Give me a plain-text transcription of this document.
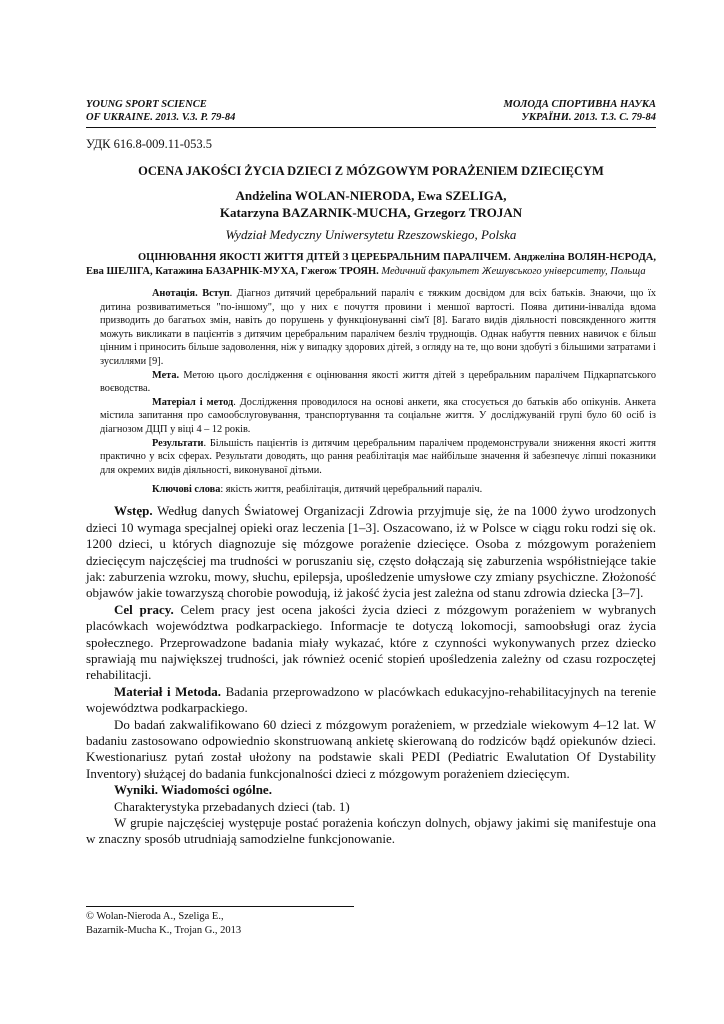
YOUNG SPORT SCIENCE
OF UKRAINE. 2013. V.3. P. 79-84
МОЛОДА СПОРТИВНА НАУКА
УКРАЇНИ. 2013. Т.3. С. 79-84
УДК 616.8-009.11-053.5
OCENA JAKOŚCI ŻYCIA DZIECI Z MÓZGOWYM PORAŻENIEM DZIECIĘCYM
Andżelina WOLAN-NIERODA, Ewa SZELIGA,
Katarzyna BAZARNIK-MUCHA, Grzegorz TROJAN
Wydział Medyczny Uniwersytetu Rzeszowskiego, Polska
ОЦІНЮВАННЯ ЯКОСТІ ЖИТТЯ ДІТЕЙ З ЦЕРЕБРАЛЬНИМ ПАРАЛІЧЕМ. Анджеліна ВОЛЯН-НЄРОДА, Ева ШЕЛІГА, Катажина БАЗАРНІК-МУХА, Гжегож ТРОЯН. Медичний факультет Жешувського університету, Польща

Анотація. Вступ. Діагноз дитячий церебральний параліч є тяжким досвідом для всіх батьків. Знаючи, що їх дитина розвиватиметься "по-іншому", що у них є почуття провини і меншої вартості. Поява дитини-інваліда вдома призводить до багатьох змін, навіть до порушень у функціонуванні сім'ї [8]. Багато видів діяльності повсякденного життя можуть викликати в пацієнтів з дитячим церебральним паралічем безліч труднощів. Однак набуття певних навичок є більш цінним і приносить більше задоволення, ніж у випадку здорових дітей, з огляду на те, що вони здобуті з більшими затратами і зусиллями [9].

Мета. Метою цього дослідження є оцінювання якості життя дітей з церебральним паралічем Підкарпатського воєводства.

Матеріал і метод. Дослідження проводилося на основі анкети, яка стосується до батьків або опікунів. Анкета містила запитання про самообслуговування, транспортування та соціальне життя. У досліджуваній групі було 60 осіб із діагнозом ДЦП у віці 4 – 12 років.

Результати. Більшість пацієнтів із дитячим церебральним паралічем продемонстрували зниження якості життя практично у всіх сферах. Результати доводять, що рання реабілітація має найбільше значення й забезпечує ліпші показники для окремих видів діяльності, виконуваної дітьми.

Ключові слова: якість життя, реабілітація, дитячий церебральний параліч.

Wstęp. Według danych Światowej Organizacji Zdrowia przyjmuje się, że na 1000 żywo urodzonych dzieci 10 wymaga specjalnej opieki oraz leczenia [1–3]. Oszacowano, iż w Polsce w ciągu roku rodzi się ok. 1200 dzieci, u których diagnozuje się mózgowe porażenie dziecięce. Osoba z mózgowym porażeniem dziecięcym najczęściej ma trudności w poruszaniu się, często dołączają się zaburzenia współistniejące takie jak: zaburzenia wzroku, mowy, słuchu, epilepsja, upośledzenie umysłowe czy zmiany psychiczne. Złożoność objawów jakie towarzyszą chorobie powodują, iż jakość życia jest zależna od stanu zdrowia dziecka [3–7].

Cel pracy. Celem pracy jest ocena jakości życia dzieci z mózgowym porażeniem w wybranych placówkach województwa podkarpackiego. Informacje te dotyczą lokomocji, samoobsługi oraz życia społecznego. Przeprowadzone badania miały wykazać, które z czynności wykonywanych przez dziecko sprawiają mu największej trudności, jak również ocenić stopień upośledzenia zależny od czasu rozpoczętej rehabilitacji.

Materiał i Metoda. Badania przeprowadzono w placówkach edukacyjno-rehabilitacyjnych na terenie województwa podkarpackiego.

Do badań zakwalifikowano 60 dzieci z mózgowym porażeniem, w przedziale wiekowym 4–12 lat. W badaniu zastosowano odpowiednio skonstruowaną ankietę skierowaną do rodziców bądź opiekunów dzieci. Kwestionariusz pytań został ułożony na podstawie skali PEDI (Pediatric Ewalutation Of Dystability Inventory) służącej do badania funkcjonalności dzieci z mózgowym porażeniem dziecięcym.

Wyniki. Wiadomości ogólne.

Charakterystyka przebadanych dzieci (tab. 1)

W grupie najczęściej występuje postać porażenia kończyn dolnych, objawy jakimi się manifestuje ona w znaczny sposób utrudniają samodzielne funkcjonowanie.

© Wolan-Nieroda A., Szeliga E.,
Bazarnik-Mucha K., Trojan G., 2013
